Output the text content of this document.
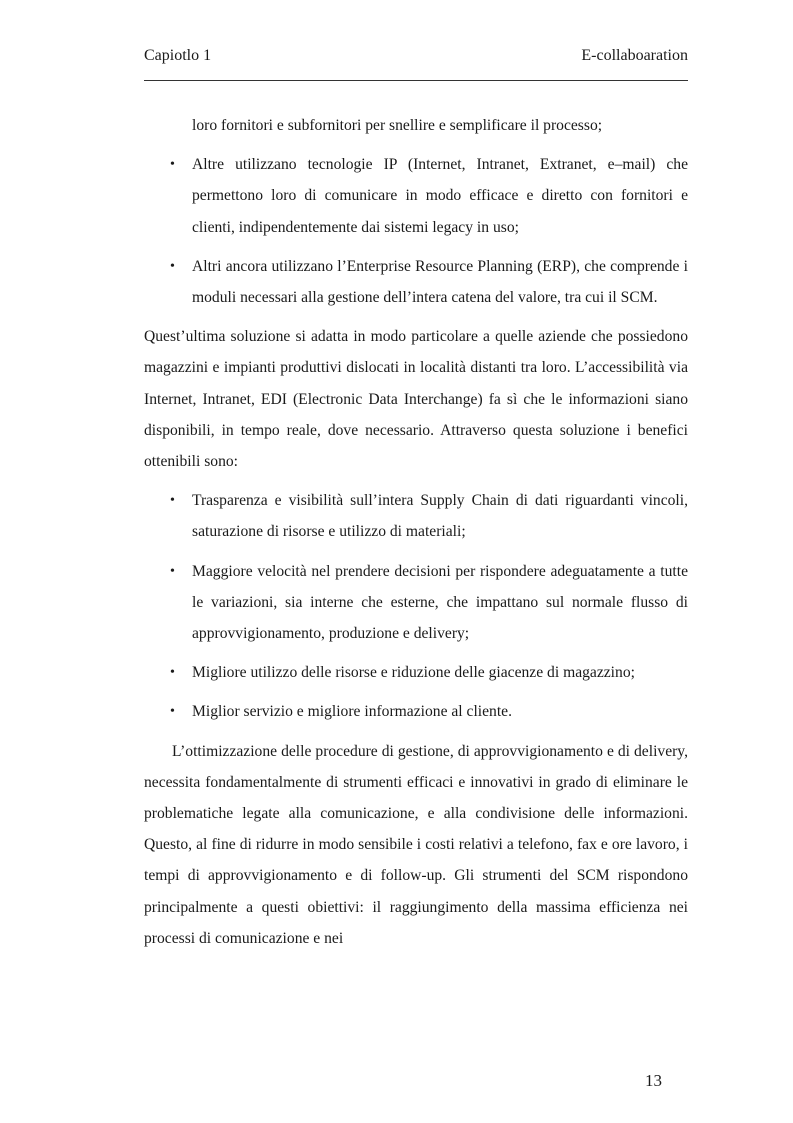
Capiotlo 1	E-collaboaration
loro fornitori e subfornitori per snellire e semplificare il processo;
• Altre utilizzano tecnologie IP (Internet, Intranet, Extranet, e–mail) che permettono loro di comunicare in modo efficace e diretto con fornitori e clienti, indipendentemente dai sistemi legacy in uso;
• Altri ancora utilizzano l’Enterprise Resource Planning (ERP), che comprende i moduli necessari alla gestione dell’intera catena del valore, tra cui il SCM.

Quest’ultima soluzione si adatta in modo particolare a quelle aziende che possiedono magazzini e impianti produttivi dislocati in località distanti tra loro. L’accessibilità via Internet, Intranet, EDI (Electronic Data Interchange) fa sì che le informazioni siano disponibili, in tempo reale, dove necessario. Attraverso questa soluzione i benefici ottenibili sono:

• Trasparenza e visibilità sull’intera Supply Chain di dati riguardanti vincoli, saturazione di risorse e utilizzo di materiali;
• Maggiore velocità nel prendere decisioni per rispondere adeguatamente a tutte le variazioni, sia interne che esterne, che impattano sul normale flusso di approvvigionamento, produzione e delivery;
• Migliore utilizzo delle risorse e riduzione delle giacenze di magazzino;
• Miglior servizio e migliore informazione al cliente.

L’ottimizzazione delle procedure di gestione, di approvvigionamento e di delivery, necessita fondamentalmente di strumenti efficaci e innovativi in grado di eliminare le problematiche legate alla comunicazione, e alla condivisione delle informazioni. Questo, al fine di ridurre in modo sensibile i costi relativi a telefono, fax e ore lavoro, i tempi di approvvigionamento e di follow-up. Gli strumenti del SCM rispondono principalmente a questi obiettivi: il raggiungimento della massima efficienza nei processi di comunicazione e nei

13
